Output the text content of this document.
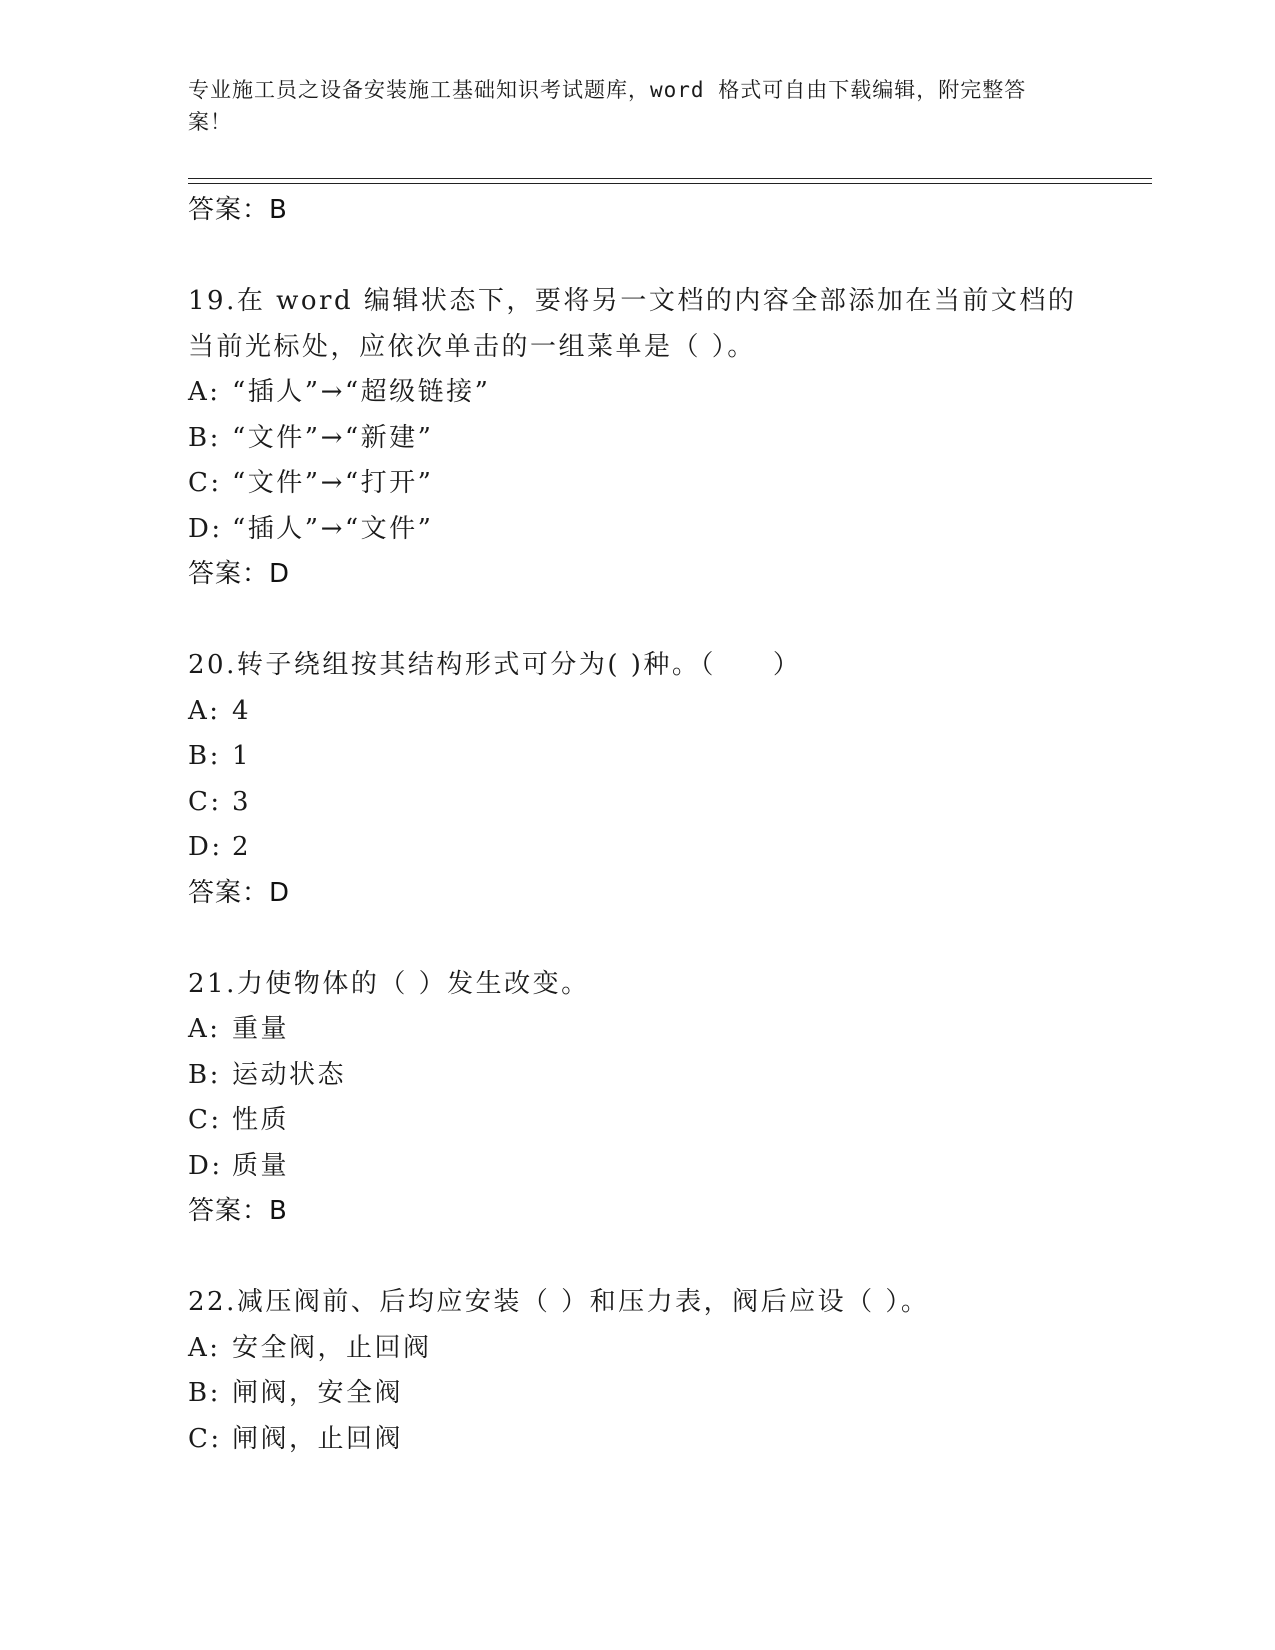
专业施工员之设备安装施工基础知识考试题库，word 格式可自由下载编辑，附完整答案！
答案：B
19.在 word 编辑状态下，要将另一文档的内容全部添加在当前文档的
当前光标处，应依次单击的一组菜单是（ ）。
A: “插人”→“超级链接”
B: “文件”→“新建”
C: “文件”→“打开”
D: “插人”→“文件”
答案：D
20.转子绕组按其结构形式可分为( )种。（　　）
A: 4
B: 1
C: 3
D: 2
答案：D
21.力使物体的（ ）发生改变。
A: 重量
B: 运动状态
C: 性质
D: 质量
答案：B
22.减压阀前、后均应安装（ ）和压力表，阀后应设（ ）。
A: 安全阀，止回阀
B: 闸阀，安全阀
C: 闸阀，止回阀
